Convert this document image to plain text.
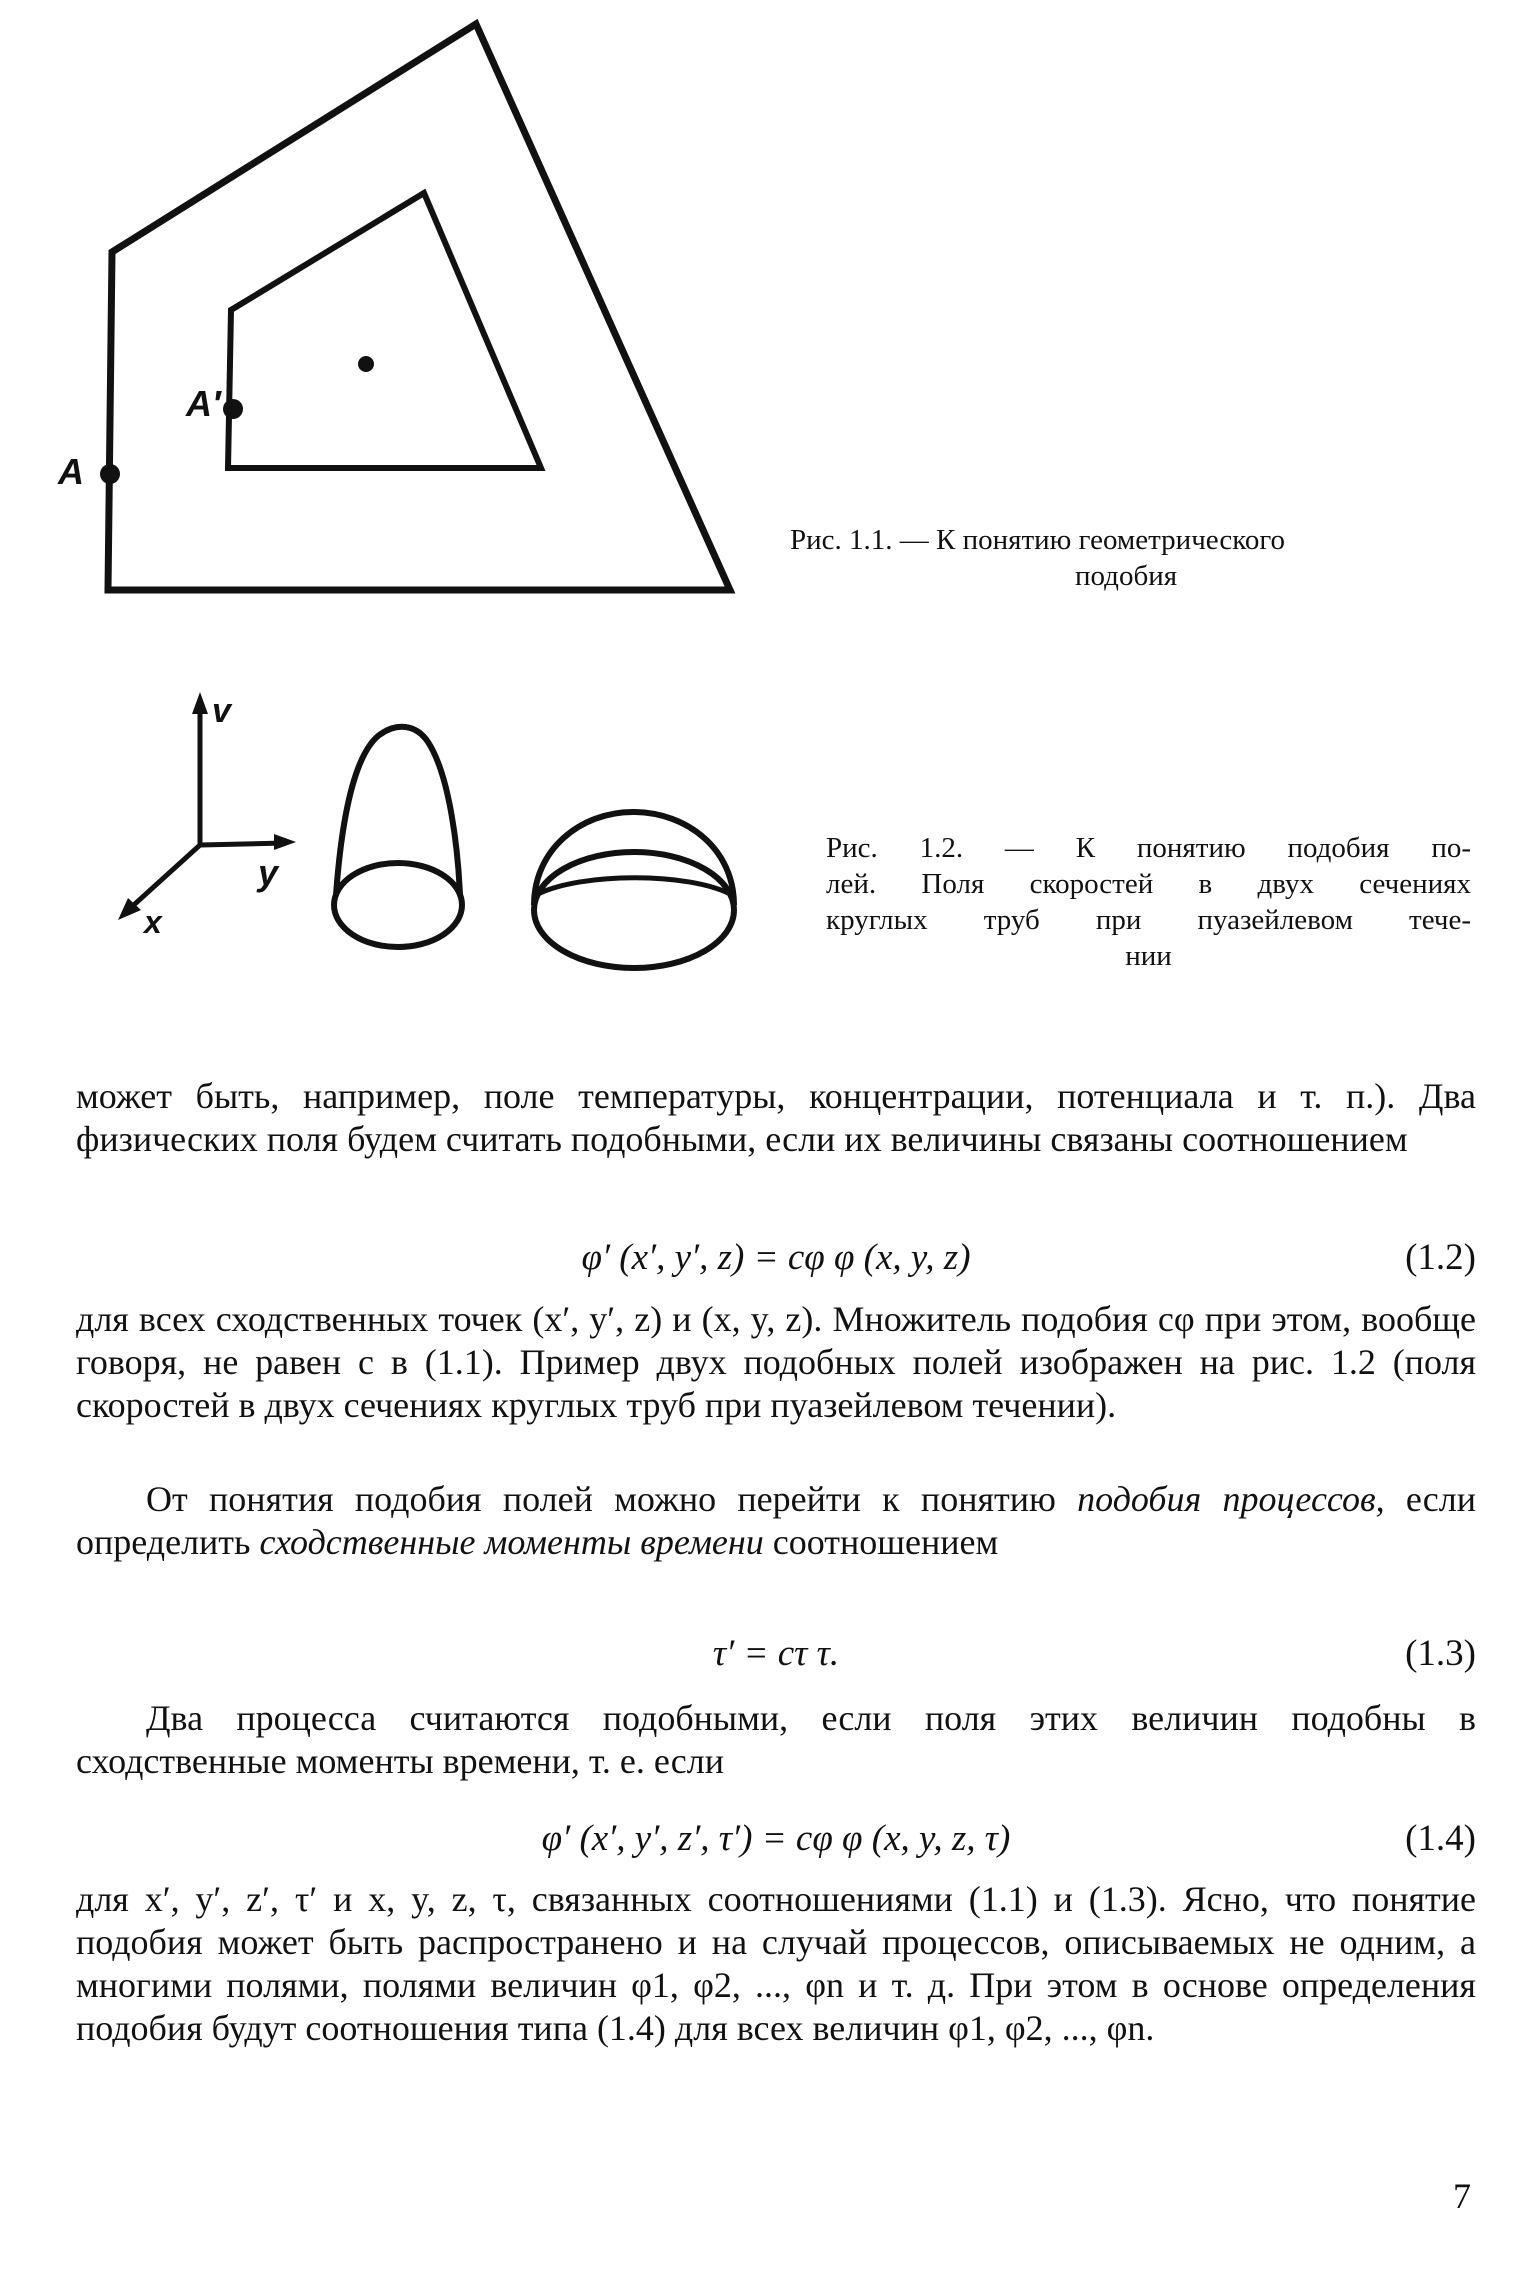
A
A′
Рис. 1.1. — К понятию геометрического
подобия
v
y
x
Рис. 1.2. — К понятию подобия по-
лей. Поля скоростей в двух сечениях
круглых труб при пуазейлевом тече-
нии
может быть, например, поле температуры, концентрации, потенциала и т. п.). Два физических поля будем считать подобными, если их величины связаны соотношением
φ′ (x′, y′, z) = cφ φ (x, y, z)	(1.2)
для всех сходственных точек (x′, y′, z) и (x, y, z). Множитель подобия cφ при этом, вообще говоря, не равен c в (1.1). Пример двух подобных полей изображен на рис. 1.2 (поля скоростей в двух сечениях круглых труб при пуазейлевом течении).
От понятия подобия полей можно перейти к понятию подобия процессов, если определить сходственные моменты времени соотношением
τ′ = cτ τ.	(1.3)
Два процесса считаются подобными, если поля этих величин подобны в сходственные моменты времени, т. е. если
φ′ (x′, y′, z′, τ′) = cφ φ (x, y, z, τ)	(1.4)
для x′, y′, z′, τ′ и x, y, z, τ, связанных соотношениями (1.1) и (1.3). Ясно, что понятие подобия может быть распространено и на случай процессов, описываемых не одним, а многими полями, полями величин φ1, φ2, ..., φn и т. д. При этом в основе определения подобия будут соотношения типа (1.4) для всех величин φ1, φ2, ..., φn.
7
